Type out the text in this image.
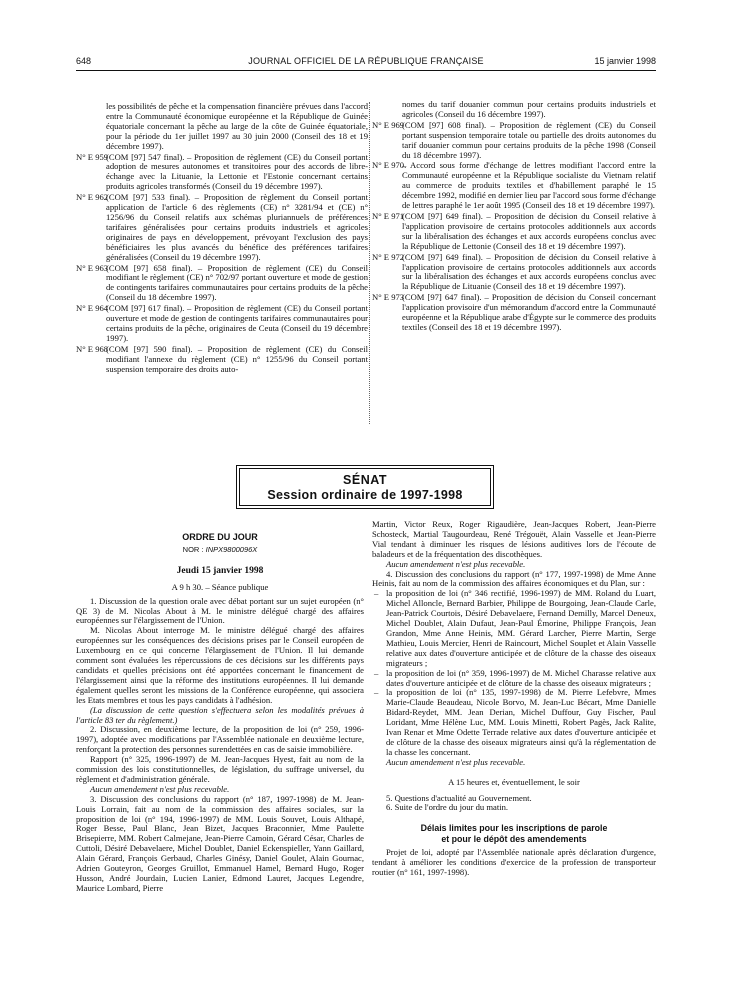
648	JOURNAL OFFICIEL DE LA RÉPUBLIQUE FRANÇAISE	15 janvier 1998
les possibilités de pêche et la compensation financière prévues dans l'accord entre la Communauté économique européenne et la République de Guinée équatoriale concernant la pêche au large de la côte de Guinée équatoriale, pour la période du 1er juillet 1997 au 30 juin 2000 (Conseil des 18 et 19 décembre 1997).
N° E 959
(COM [97] 547 final). – Proposition de règlement (CE) du Conseil portant adoption de mesures autonomes et transitoires pour des accords de libre-échange avec la Lituanie, la Lettonie et l'Estonie concernant certains produits agricoles transformés (Conseil du 19 décembre 1997).
N° E 962
(COM [97] 533 final). – Proposition de règlement du Conseil portant application de l'article 6 des règlements (CE) n° 3281/94 et (CE) n° 1256/96 du Conseil relatifs aux schémas pluriannuels de préférences tarifaires généralisées pour certains produits industriels et agricoles originaires de pays en développement, prévoyant l'exclusion des pays bénéficiaires les plus avancés du bénéfice des préférences tarifaires généralisées (Conseil du 19 décembre 1997).
N° E 963
(COM [97] 658 final). – Proposition de règlement (CE) du Conseil modifiant le règlement (CE) n° 702/97 portant ouverture et mode de gestion de contingents tarifaires communautaires pour certains produits de la pêche (Conseil du 18 décembre 1997).
N° E 964
(COM [97] 617 final). – Proposition de règlement (CE) du Conseil portant ouverture et mode de gestion de contingents tarifaires communautaires pour certains produits de la pêche, originaires de Ceuta (Conseil du 19 décembre 1997).
N° E 968
(COM [97] 590 final). – Proposition de règlement (CE) du Conseil modifiant l'annexe du règlement (CE) n° 1255/96 du Conseil portant suspension temporaire des droits auto-
nomes du tarif douanier commun pour certains produits industriels et agricoles (Conseil du 16 décembre 1997).
N° E 969
(COM [97] 608 final). – Proposition de règlement (CE) du Conseil portant suspension temporaire totale ou partielle des droits autonomes du tarif douanier commun pour certains produits de la pêche 1998 (Conseil du 18 décembre 1997).
N° E 970.
– Accord sous forme d'échange de lettres modifiant l'accord entre la Communauté européenne et la République socialiste du Vietnam relatif au commerce de produits textiles et d'habillement paraphé le 15 décembre 1992, modifié en dernier lieu par l'accord sous forme d'échange de lettres paraphé le 1er août 1995 (Conseil des 18 et 19 décembre 1997).
N° E 971
(COM [97] 649 final). – Proposition de décision du Conseil relative à l'application provisoire de certains protocoles additionnels aux accords sur la libéralisation des échanges et aux accords européens conclus avec la République de Lettonie (Conseil des 18 et 19 décembre 1997).
N° E 972
(COM [97] 649 final). – Proposition de décision du Conseil relative à l'application provisoire de certains protocoles additionnels aux accords sur la libéralisation des échanges et aux accords européens conclus avec la République de Lituanie (Conseil des 18 et 19 décembre 1997).
N° E 973
(COM [97] 647 final). – Proposition de décision du Conseil concernant l'application provisoire d'un mémorandum d'accord entre la Communauté européenne et la République arabe d'Égypte sur le commerce des produits textiles (Conseil des 18 et 19 décembre 1997).
SÉNAT
Session ordinaire de 1997-1998
ORDRE DU JOUR
NOR : INPX9800096X
Jeudi 15 janvier 1998
A 9 h 30. – Séance publique

1. Discussion de la question orale avec débat portant sur un sujet européen (n° QE 3) de M. Nicolas About à M. le ministre délégué chargé des affaires européennes sur l'élargissement de l'Union.

M. Nicolas About interroge M. le ministre délégué chargé des affaires européennes sur les conséquences des décisions prises par le Conseil européen de Luxembourg en ce qui concerne l'élargissement de l'Union. Il lui demande comment sont évaluées les répercussions de ces décisions sur les différents pays candidats et quelles précisions ont été apportées concernant le financement de l'élargissement ainsi que la réforme des institutions européennes. Il lui demande également quelles seront les missions de la Conférence européenne, qui associera les Etats membres et tous les pays candidats à l'adhésion.

(La discussion de cette question s'effectuera selon les modalités prévues à l'article 83 ter du règlement.)

2. Discussion, en deuxième lecture, de la proposition de loi (n° 259, 1996-1997), adoptée avec modifications par l'Assemblée nationale en deuxième lecture, renforçant la protection des personnes surendettées en cas de saisie immobilière.

Rapport (n° 325, 1996-1997) de M. Jean-Jacques Hyest, fait au nom de la commission des lois constitutionnelles, de législation, du suffrage universel, du règlement et d'administration générale.

Aucun amendement n'est plus recevable.

3. Discussion des conclusions du rapport (n° 187, 1997-1998) de M. Jean-Louis Lorrain, fait au nom de la commission des affaires sociales, sur la proposition de loi (n° 194, 1996-1997) de MM. Louis Souvet, Louis Althapé, Roger Besse, Paul Blanc, Jean Bizet, Jacques Braconnier, Mme Paulette Brisepierre, MM. Robert Calmejane, Jean-Pierre Camoin, Gérard César, Charles de Cuttoli, Désiré Debavelaere, Michel Doublet, Daniel Eckenspieller, Yann Gaillard, Alain Gérard, François Gerbaud, Charles Ginésy, Daniel Goulet, Alain Gournac, Adrien Gouteyron, Georges Gruillot, Emmanuel Hamel, Bernard Hugo, Roger Husson, André Jourdain, Lucien Lanier, Edmond Lauret, Jacques Legendre, Maurice Lombard, Pierre

Martin, Victor Reux, Roger Rigaudière, Jean-Jacques Robert, Jean-Pierre Schosteck, Martial Taugourdeau, René Trégouët, Alain Vasselle et Jean-Pierre Vial tendant à diminuer les risques de lésions auditives lors de l'écoute de baladeurs et de la fréquentation des discothèques.

Aucun amendement n'est plus recevable.

4. Discussion des conclusions du rapport (n° 177, 1997-1998) de Mme Anne Heinis, fait au nom de la commission des affaires économiques et du Plan, sur :

– la proposition de loi (n° 346 rectifié, 1996-1997) de MM. Roland du Luart, Michel Alloncle, Bernard Barbier, Philippe de Bourgoing, Jean-Claude Carle, Jean-Patrick Courtois, Désiré Debavelaere, Fernand Demilly, Marcel Deneux, Michel Doublet, Alain Dufaut, Jean-Paul Émorine, Philippe François, Jean Grandon, Mme Anne Heinis, MM. Gérard Larcher, Pierre Martin, Serge Mathieu, Louis Mercier, Henri de Raincourt, Michel Souplet et Alain Vasselle relative aux dates d'ouverture anticipée et de clôture de la chasse des oiseaux migrateurs ;
– la proposition de loi (n° 359, 1996-1997) de M. Michel Charasse relative aux dates d'ouverture anticipée et de clôture de la chasse des oiseaux migrateurs ;
– la proposition de loi (n° 135, 1997-1998) de M. Pierre Lefebvre, Mmes Marie-Claude Beaudeau, Nicole Borvo, M. Jean-Luc Bécart, Mme Danielle Bidard-Reydet, MM. Jean Derian, Michel Duffour, Guy Fischer, Paul Loridant, Mme Hélène Luc, MM. Louis Minetti, Robert Pagès, Jack Ralite, Ivan Renar et Mme Odette Terrade relative aux dates d'ouverture anticipée et de clôture de la chasse des oiseaux migrateurs ainsi qu'à la réglementation de la chasse les concernant.

Aucun amendement n'est plus recevable.

A 15 heures et, éventuellement, le soir
5. Questions d'actualité au Gouvernement.
6. Suite de l'ordre du jour du matin.
Délais limites pour les inscriptions de parole
et pour le dépôt des amendements

Projet de loi, adopté par l'Assemblée nationale après déclaration d'urgence, tendant à améliorer les conditions d'exercice de la profession de transporteur routier (n° 161, 1997-1998).
